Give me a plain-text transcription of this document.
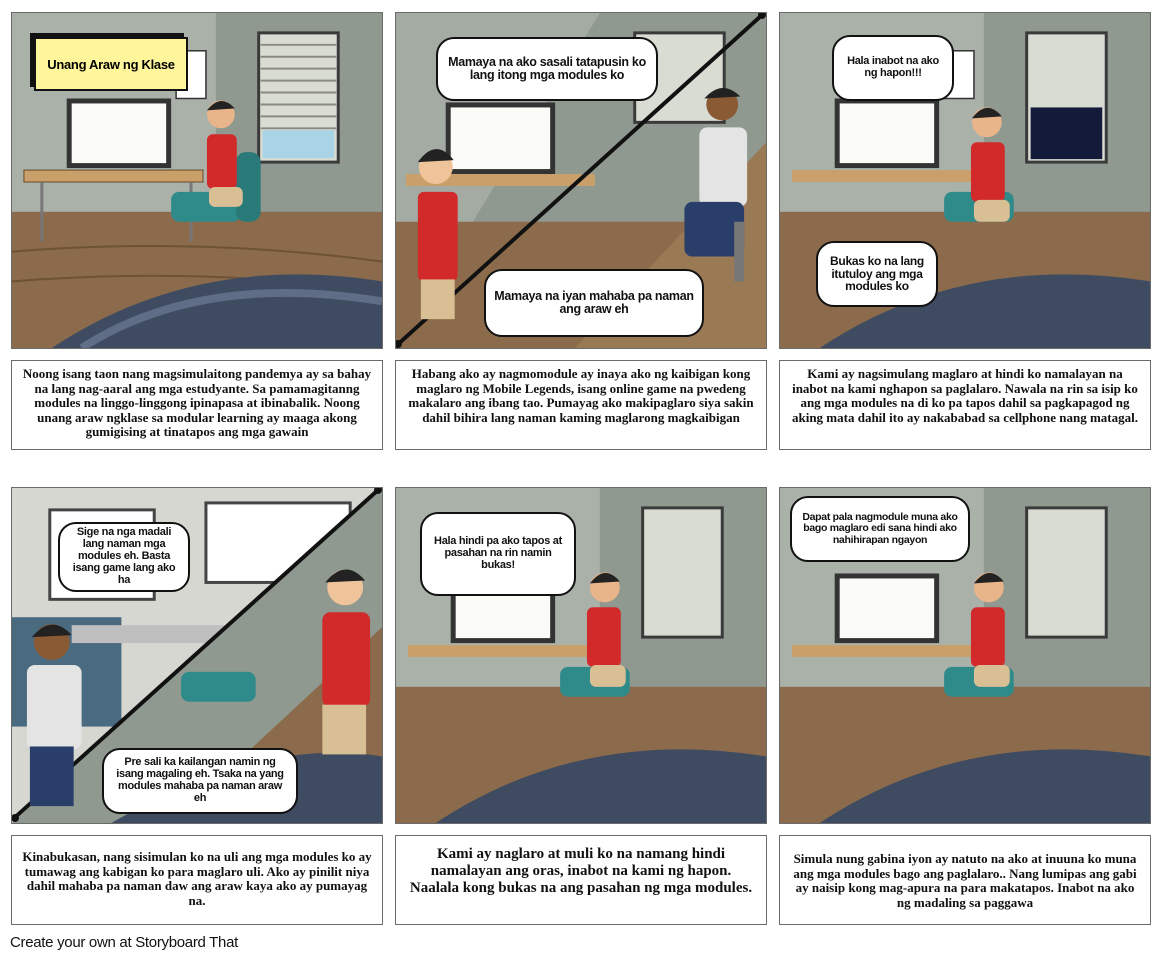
Unang Araw ng Klase	Mamaya na ako sasali tatapusin ko lang itong mga modules ko
Mamaya na iyan mahaba pa naman ang araw eh
Hala inabot na ako ng hapon!!!
Bukas ko na lang itutuloy ang mga modules ko
Noong isang taon nang magsimulaitong pandemya ay sa bahay na lang nag-aaral ang mga estudyante. Sa pamamagitanng modules na linggo-linggong ipinapasa at ibinabalik. Noong unang araw ngklase sa modular learning ay maaga akong gumigising at tinatapos ang mga gawain
Habang ako ay nagmomodule ay inaya ako ng kaibigan kong maglaro ng Mobile Legends, isang online game na pwedeng makalaro ang ibang tao. Pumayag ako makipaglaro siya sakin dahil bihira lang naman kaming maglarong magkaibigan
Kami ay nagsimulang maglaro at hindi ko namalayan na inabot na kami nghapon sa paglalaro. Nawala na rin sa isip ko ang mga modules na di ko pa tapos dahil sa pagkapagod ng aking mata dahil ito ay nakababad sa cellphone nang matagal.
Sige na nga madali lang naman mga modules eh. Basta isang game lang ako ha
Pre sali ka kailangan namin ng isang magaling eh. Tsaka na yang modules mahaba pa naman araw eh
Hala hindi pa ako tapos at pasahan na rin namin bukas!
Dapat pala nagmodule muna ako bago maglaro edi sana hindi ako nahihirapan ngayon
Kinabukasan, nang sisimulan ko na uli ang mga modules ko ay tumawag ang kabigan ko para maglaro uli. Ako ay pinilit niya dahil mahaba pa naman daw ang araw kaya ako ay pumayag na.
Kami ay naglaro at muli ko na namang hindi namalayan ang oras, inabot na kami ng hapon. Naalala kong bukas na ang pasahan ng mga modules.
Simula nung gabina iyon ay natuto na ako at inuuna ko muna ang mga modules bago ang paglalaro.. Nang lumipas ang gabi ay naisip kong mag-apura na para makatapos. Inabot na ako ng madaling sa paggawa
Create your own at Storyboard That
